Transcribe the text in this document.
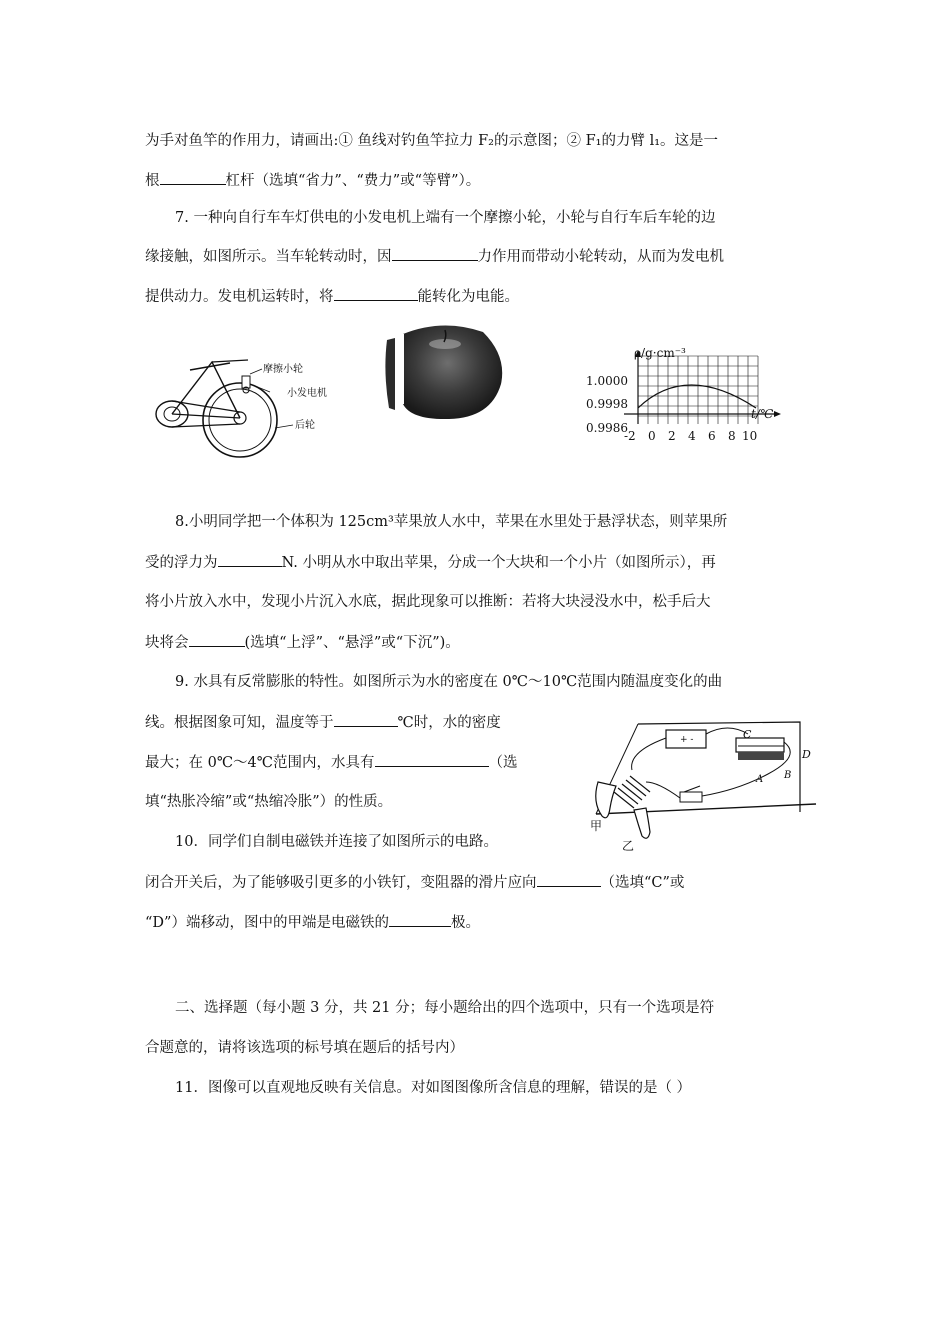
为手对鱼竿的作用力，请画出:① 鱼线对钓鱼竿拉力 F₂的示意图；② F₁的力臂 l₁。这是一
根	杠杆（选填“省力”、“费力”或“等臂”）。
7. 一种向自行车车灯供电的小发电机上端有一个摩擦小轮，小轮与自行车后车轮的边
缘接触，如图所示。当车轮转动时，因	力作用而带动小轮转动，从而为发电机
提供动力。发电机运转时，将	能转化为电能。
摩擦小轮
小发电机
后轮
ρ/g·cm⁻³
t/℃
1.0000
0.9998
0.9986
-2 0 2 4 6 8 10
8.小明同学把一个体积为 125cm³苹果放人水中，苹果在水里处于悬浮状态，则苹果所
受的浮力为	N. 小明从水中取出苹果，分成一个大块和一个小片（如图所示），再
将小片放入水中，发现小片沉入水底，据此现象可以推断：若将大块浸没水中，松手后大
块将会	(选填“上浮”、“悬浮”或“下沉”)。
9. 水具有反常膨胀的特性。如图所示为水的密度在 0℃～10℃范围内随温度变化的曲
线。根据图象可知，温度等于	℃时，水的密度
最大；在 0℃～4℃范围内，水具有	（选
填“热胀冷缩”或“热缩冷胀”）的性质。
+ -	C
D
A B
甲
乙
10．同学们自制电磁铁并连接了如图所示的电路。
闭合开关后，为了能够吸引更多的小铁钉，变阻器的滑片应向	（选填“C”或
“D”）端移动，图中的甲端是电磁铁的	极。
二、选择题（每小题 3 分，共 21 分；每小题给出的四个选项中，只有一个选项是符
合题意的，请将该选项的标号填在题后的括号内）
11．图像可以直观地反映有关信息。对如图图像所含信息的理解，错误的是（ ）
